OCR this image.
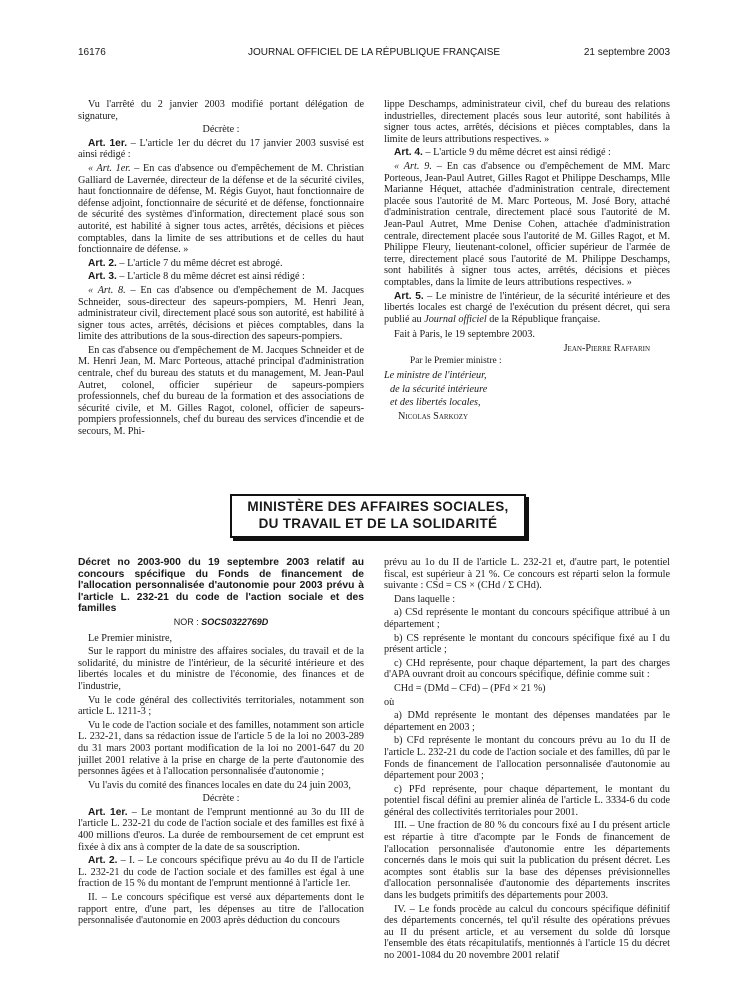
16176	JOURNAL OFFICIEL DE LA RÉPUBLIQUE FRANÇAISE	21 septembre 2003

Vu l'arrêté du 2 janvier 2003 modifié portant délégation de signature,

Décrète :

Art. 1er. – L'article 1er du décret du 17 janvier 2003 susvisé est ainsi rédigé :

« Art. 1er. – En cas d'absence ou d'empêchement de M. Christian Galliard de Lavernée, directeur de la défense et de la sécurité civiles, haut fonctionnaire de défense, M. Régis Guyot, haut fonctionnaire de défense adjoint, fonctionnaire de sécurité et de défense, fonctionnaire de sécurité des systèmes d'information, directement placé sous son autorité, est habilité à signer tous actes, arrêtés, décisions et pièces comptables, dans la limite de ses attributions et de celles du haut fonctionnaire de défense. »

Art. 2. – L'article 7 du même décret est abrogé.

Art. 3. – L'article 8 du même décret est ainsi rédigé :

« Art. 8. – En cas d'absence ou d'empêchement de M. Jacques Schneider, sous-directeur des sapeurs-pompiers, M. Henri Jean, administrateur civil, directement placé sous son autorité, est habilité à signer tous actes, arrêtés, décisions et pièces comptables, dans la limite des attributions de la sous-direction des sapeurs-pompiers.

En cas d'absence ou d'empêchement de M. Jacques Schneider et de M. Henri Jean, M. Marc Porteous, attaché principal d'administration centrale, chef du bureau des statuts et du management, M. Jean-Paul Autret, colonel, officier supérieur de sapeurs-pompiers professionnels, chef du bureau de la formation et des associations de sécurité civile, et M. Gilles Ragot, colonel, officier de sapeurs-pompiers professionnels, chef du bureau des services d'incendie et de secours, M. Phi-

lippe Deschamps, administrateur civil, chef du bureau des relations industrielles, directement placés sous leur autorité, sont habilités à signer tous actes, arrêtés, décisions et pièces comptables, dans la limite de leurs attributions respectives. »

Art. 4. – L'article 9 du même décret est ainsi rédigé :

« Art. 9. – En cas d'absence ou d'empêchement de MM. Marc Porteous, Jean-Paul Autret, Gilles Ragot et Philippe Deschamps, Mlle Marianne Héquet, attachée d'administration centrale, directement placée sous l'autorité de M. Marc Porteous, M. José Bory, attaché d'administration centrale, directement placé sous l'autorité de M. Jean-Paul Autret, Mme Denise Cohen, attachée d'administration centrale, directement placée sous l'autorité de M. Gilles Ragot, et M. Philippe Fleury, lieutenant-colonel, officier supérieur de l'armée de terre, directement placé sous l'autorité de M. Philippe Deschamps, sont habilités à signer tous actes, arrêtés, décisions et pièces comptables, dans la limite de leurs attributions respectives. »

Art. 5. – Le ministre de l'intérieur, de la sécurité intérieure et des libertés locales est chargé de l'exécution du présent décret, qui sera publié au Journal officiel de la République française.

Fait à Paris, le 19 septembre 2003.

Jean-Pierre Raffarin

Par le Premier ministre :

Le ministre de l'intérieur,

de la sécurité intérieure

et des libertés locales,

Nicolas Sarkozy

MINISTÈRE DES AFFAIRES SOCIALES,
DU TRAVAIL ET DE LA SOLIDARITÉ
Décret no 2003-900 du 19 septembre 2003 relatif au concours spécifique du Fonds de financement de l'allocation personnalisée d'autonomie pour 2003 prévu à l'article L. 232-21 du code de l'action sociale et des familles
NOR : SOCS0322769D

Le Premier ministre,

Sur le rapport du ministre des affaires sociales, du travail et de la solidarité, du ministre de l'intérieur, de la sécurité intérieure et des libertés locales et du ministre de l'économie, des finances et de l'industrie,

Vu le code général des collectivités territoriales, notamment son article L. 1211-3 ;

Vu le code de l'action sociale et des familles, notamment son article L. 232-21, dans sa rédaction issue de l'article 5 de la loi no 2003-289 du 31 mars 2003 portant modification de la loi no 2001-647 du 20 juillet 2001 relative à la prise en charge de la perte d'autonomie des personnes âgées et à l'allocation personnalisée d'autonomie ;

Vu l'avis du comité des finances locales en date du 24 juin 2003,

Décrète :

Art. 1er. – Le montant de l'emprunt mentionné au 3o du III de l'article L. 232-21 du code de l'action sociale et des familles est fixé à 400 millions d'euros. La durée de remboursement de cet emprunt est fixée à dix ans à compter de la date de sa souscription.

Art. 2. – I. – Le concours spécifique prévu au 4o du II de l'article L. 232-21 du code de l'action sociale et des familles est égal à une fraction de 15 % du montant de l'emprunt mentionné à l'article 1er.

II. – Le concours spécifique est versé aux départements dont le rapport entre, d'une part, les dépenses au titre de l'allocation personnalisée d'autonomie en 2003 après déduction du concours

prévu au 1o du II de l'article L. 232-21 et, d'autre part, le potentiel fiscal, est supérieur à 21 %. Ce concours est réparti selon la formule suivante : CSd = CS × (CHd / Σ CHd).

Dans laquelle :

a) CSd représente le montant du concours spécifique attribué à un département ;

b) CS représente le montant du concours spécifique fixé au I du présent article ;

c) CHd représente, pour chaque département, la part des charges d'APA ouvrant droit au concours spécifique, définie comme suit :

CHd = (DMd – CFd) – (PFd × 21 %)

où

a) DMd représente le montant des dépenses mandatées par le département en 2003 ;

b) CFd représente le montant du concours prévu au 1o du II de l'article L. 232-21 du code de l'action sociale et des familles, dû par le Fonds de financement de l'allocation personnalisée d'autonomie au département pour 2003 ;

c) PFd représente, pour chaque département, le montant du potentiel fiscal défini au premier alinéa de l'article L. 3334-6 du code général des collectivités territoriales pour 2001.

III. – Une fraction de 80 % du concours fixé au I du présent article est répartie à titre d'acompte par le Fonds de financement de l'allocation personnalisée d'autonomie entre les départements concernés dans le mois qui suit la publication du présent décret. Les acomptes sont établis sur la base des dépenses prévisionnelles d'allocation personnalisée d'autonomie des départements inscrites dans les budgets primitifs des départements pour 2003.

IV. – Le fonds procède au calcul du concours spécifique définitif des départements concernés, tel qu'il résulte des opérations prévues au II du présent article, et au versement du solde dû lorsque l'ensemble des états récapitulatifs, mentionnés à l'article 15 du décret no 2001-1084 du 20 novembre 2001 relatif
